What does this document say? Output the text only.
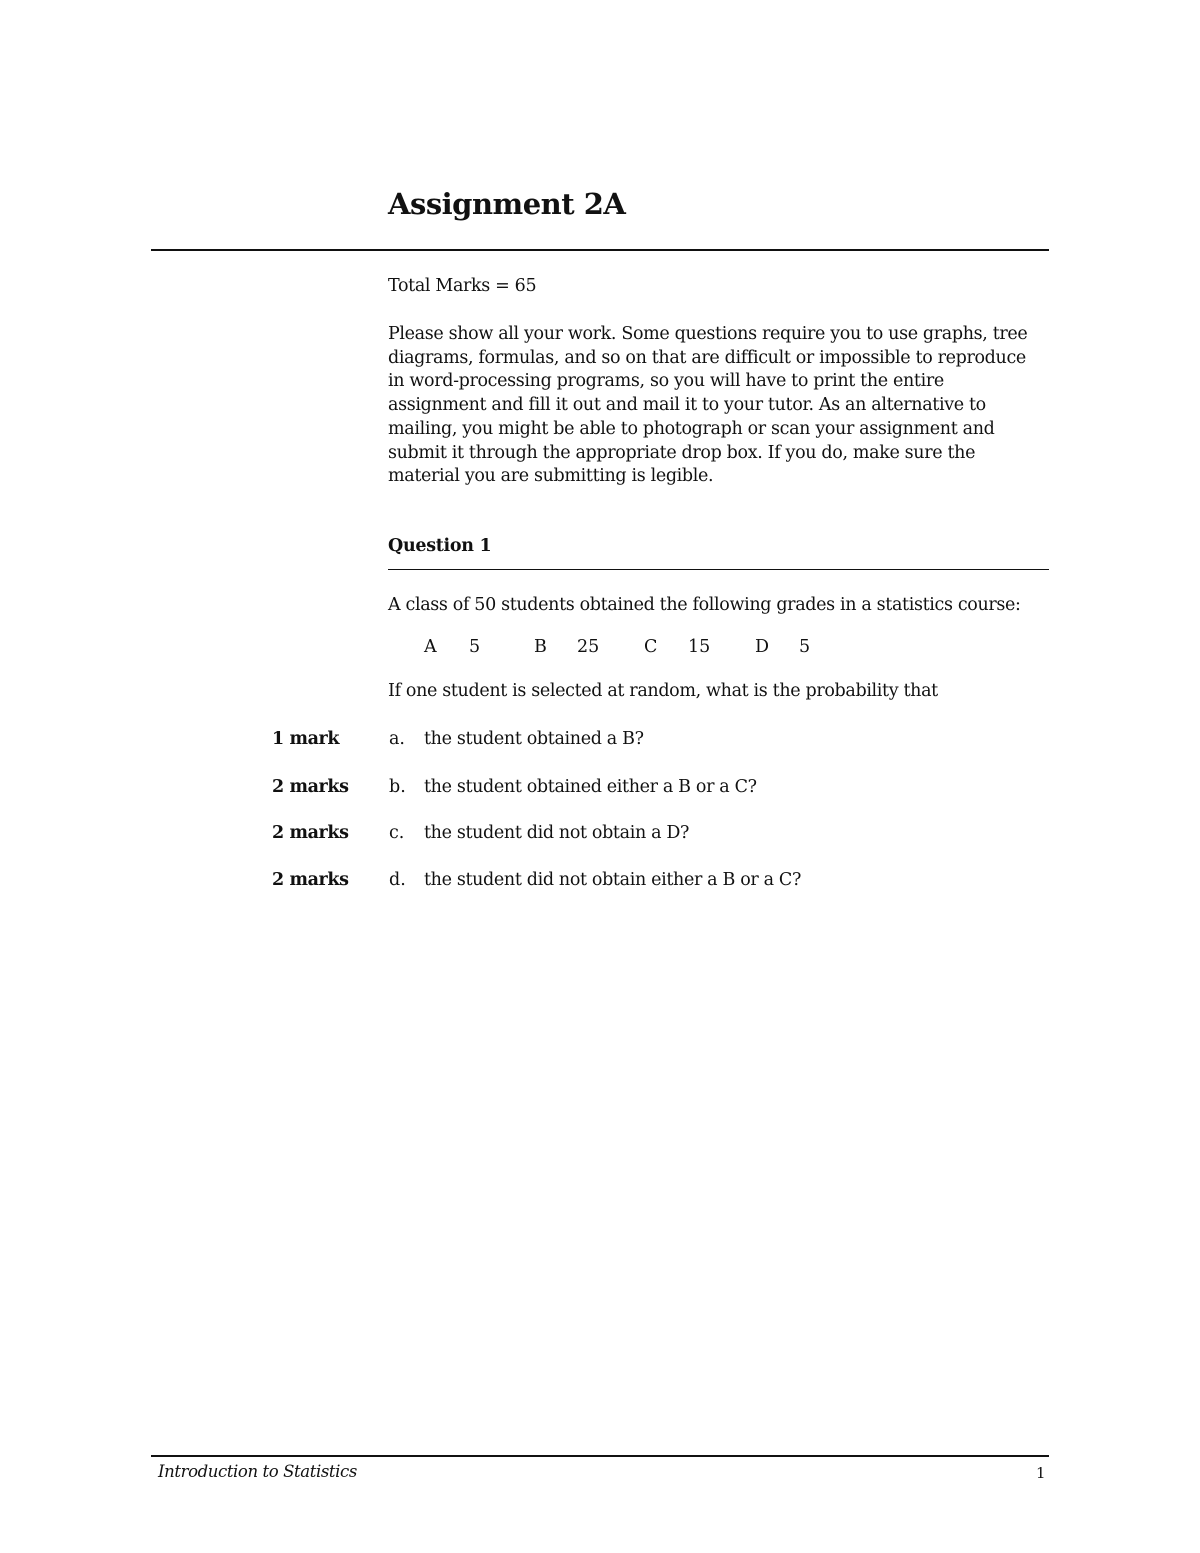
Assignment 2A
Total Marks = 65
Please show all your work. Some questions require you to use graphs, tree
diagrams, formulas, and so on that are difficult or impossible to reproduce
in word-processing programs, so you will have to print the entire
assignment and fill it out and mail it to your tutor. As an alternative to
mailing, you might be able to photograph or scan your assignment and
submit it through the appropriate drop box. If you do, make sure the
material you are submitting is legible.
Question 1
A class of 50 students obtained the following grades in a statistics course:
A 5	B 25	C 15	D 5
If one student is selected at random, what is the probability that
1 mark	a. the student obtained a B?
2 marks b. the student obtained either a B or a C?
2 marks c. the student did not obtain a D?
2 marks d. the student did not obtain either a B or a C?
Introduction to Statistics	1
